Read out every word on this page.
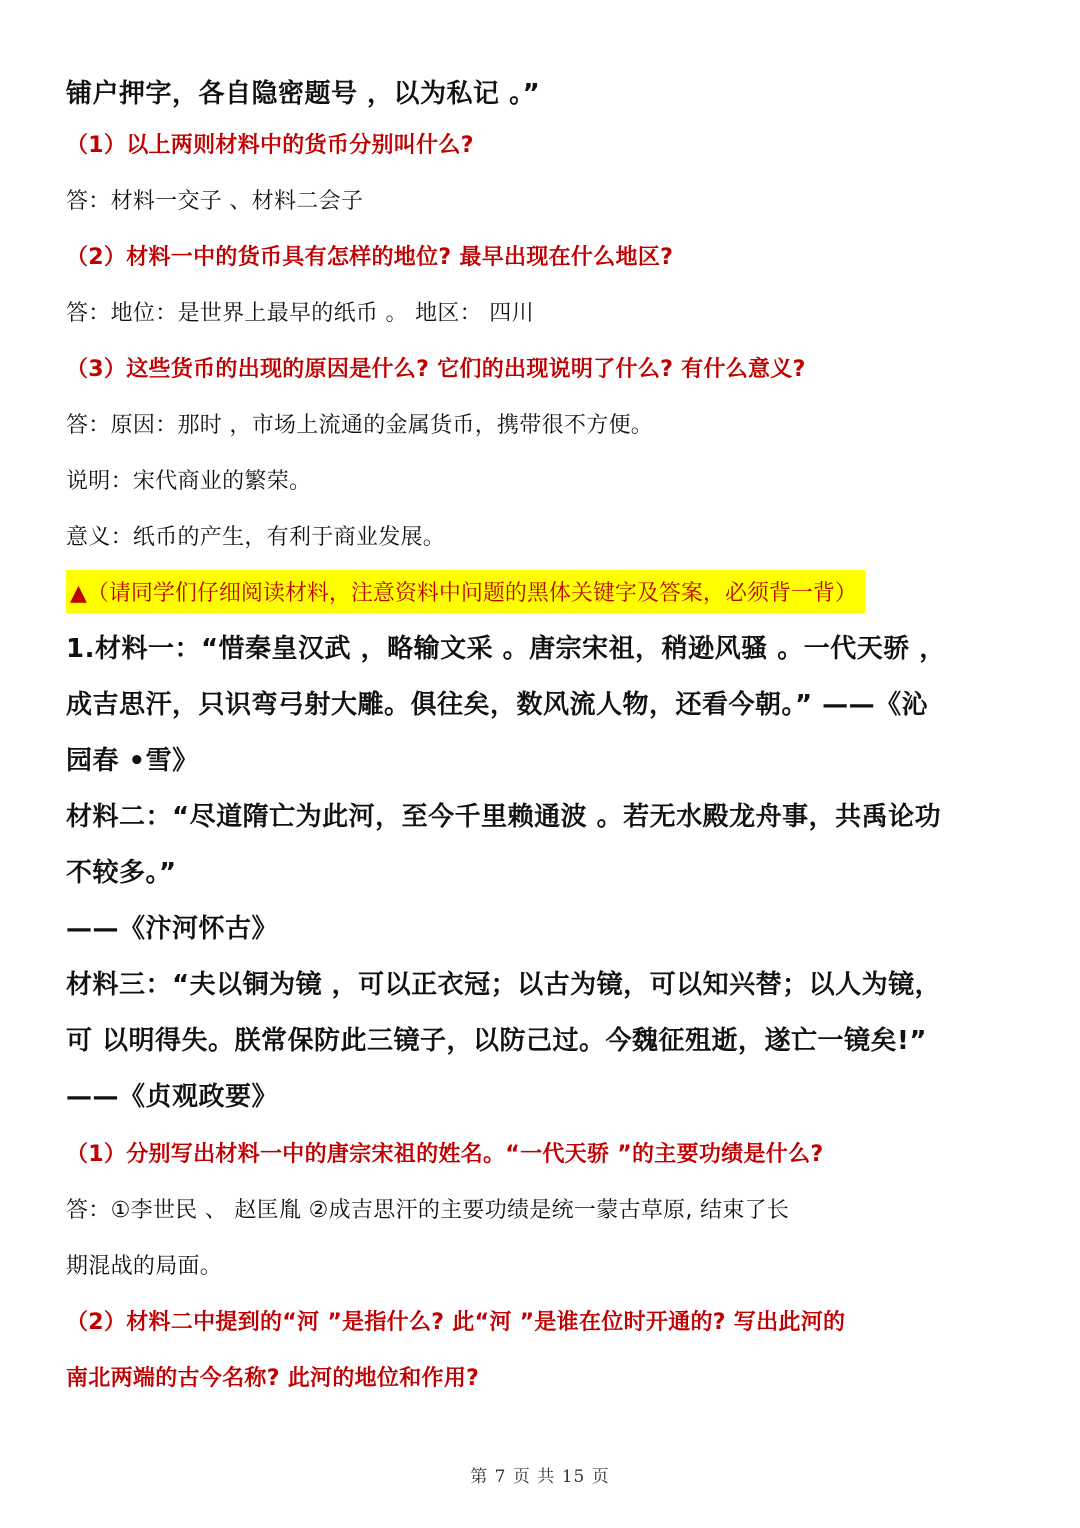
铺户押字，各自隐密题号 ，以为私记 。”
（1）以上两则材料中的货币分别叫什么?
答：材料一交子 、材料二会子
（2）材料一中的货币具有怎样的地位? 最早出现在什么地区?
答：地位：是世界上最早的纸币 。 地区： 四川
（3）这些货币的出现的原因是什么? 它们的出现说明了什么? 有什么意义?
答：原因：那时 ，市场上流通的金属货币，携带很不方便。
说明：宋代商业的繁荣。
意义：纸币的产生，有利于商业发展。
▲（请同学们仔细阅读材料，注意资料中问题的黑体关键字及答案，必须背一背）
1.材料一：“惜秦皇汉武 ，略输文采 。唐宗宋祖，稍逊风骚 。一代天骄 ，
成吉思汗，只识弯弓射大雕。俱往矣，数风流人物，还看今朝。” ——《沁
园春 •雪》
材料二：“尽道隋亡为此河，至今千里赖通波 。若无水殿龙舟事，共禹论功
不较多。”
——《汴河怀古》
材料三：“夫以铜为镜 ，可以正衣冠；以古为镜，可以知兴替；以人为镜，
可 以明得失。朕常保防此三镜子，以防己过。今魏征殂逝，遂亡一镜矣!”
——《贞观政要》
（1）分别写出材料一中的唐宗宋祖的姓名。“一代天骄 ”的主要功绩是什么?
答：①李世民 、 赵匡胤 ②成吉思汗的主要功绩是统一蒙古草原, 结束了长
期混战的局面。
（2）材料二中提到的“河 ”是指什么? 此“河 ”是谁在位时开通的? 写出此河的
南北两端的古今名称? 此河的地位和作用?
第 7 页 共 15 页
